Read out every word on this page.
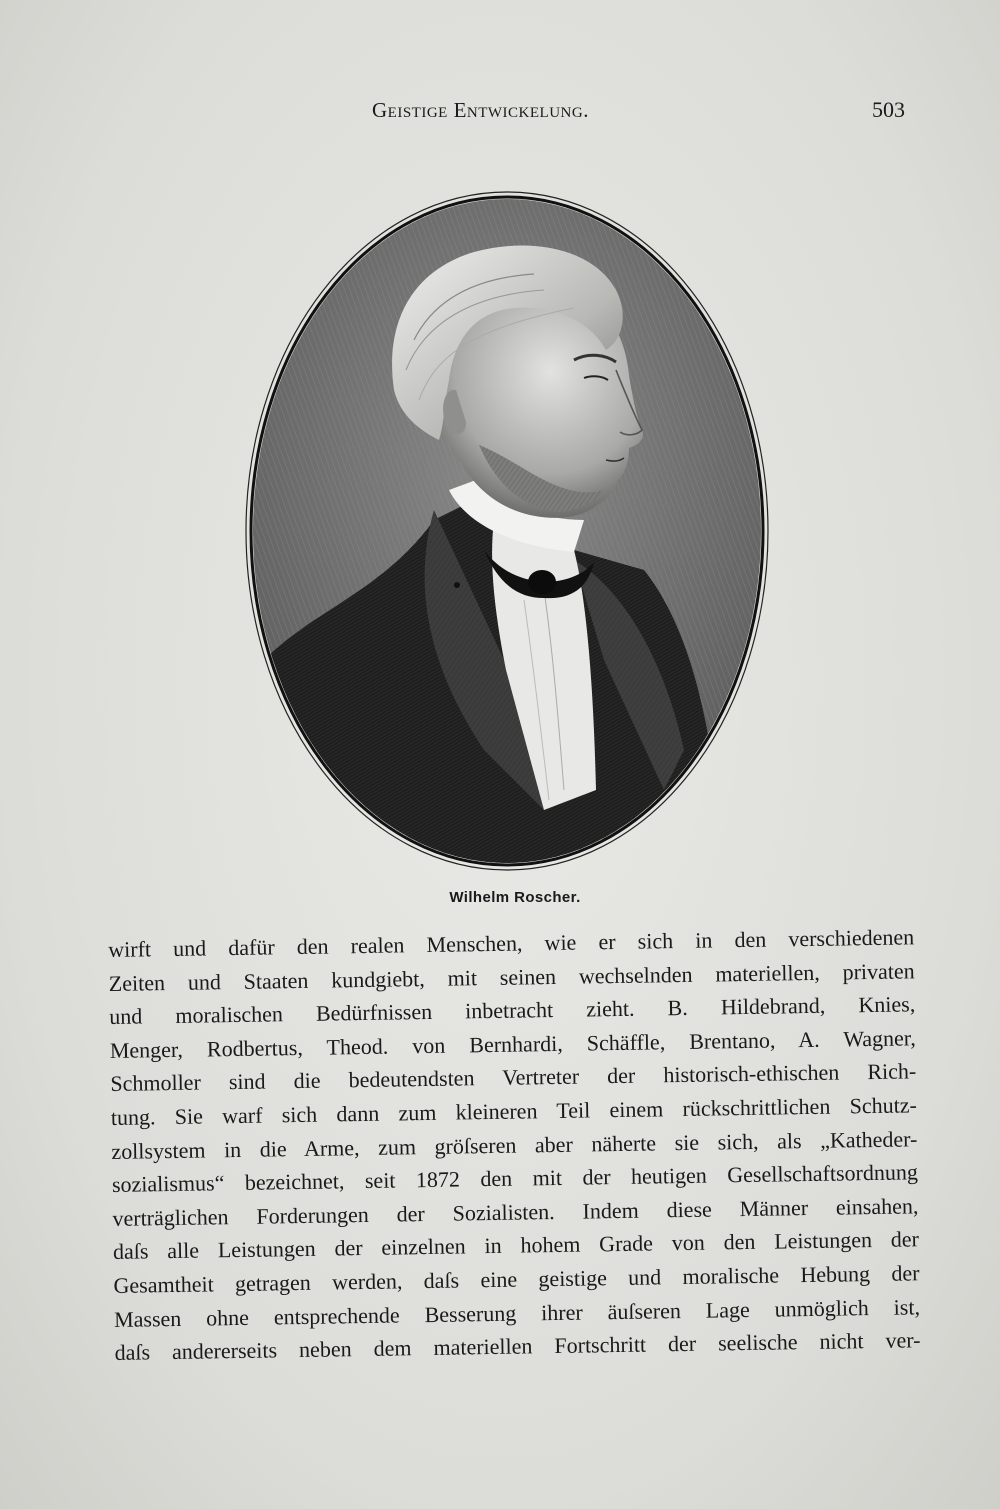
Geistige Entwickelung.	503
Wilhelm Roscher.
wirft und dafür den realen Menschen, wie er sich in den verschiedenen
Zeiten und Staaten kundgiebt, mit seinen wechselnden materiellen, privaten
und moralischen Bedürfnissen inbetracht zieht. B. Hildebrand, Knies,
Menger, Rodbertus, Theod. von Bernhardi, Schäffle, Brentano, A. Wagner,
Schmoller sind die bedeutendsten Vertreter der historisch-ethischen Rich-
tung. Sie warf sich dann zum kleineren Teil einem rückschrittlichen Schutz-
zollsystem in die Arme, zum gröſseren aber näherte sie sich, als „Katheder-
sozialismus“ bezeichnet, seit 1872 den mit der heutigen Gesellschaftsordnung
verträglichen Forderungen der Sozialisten. Indem diese Männer einsahen,
daſs alle Leistungen der einzelnen in hohem Grade von den Leistungen der
Gesamtheit getragen werden, daſs eine geistige und moralische Hebung der
Massen ohne entsprechende Besserung ihrer äuſseren Lage unmöglich ist,
daſs andererseits neben dem materiellen Fortschritt der seelische nicht ver-
